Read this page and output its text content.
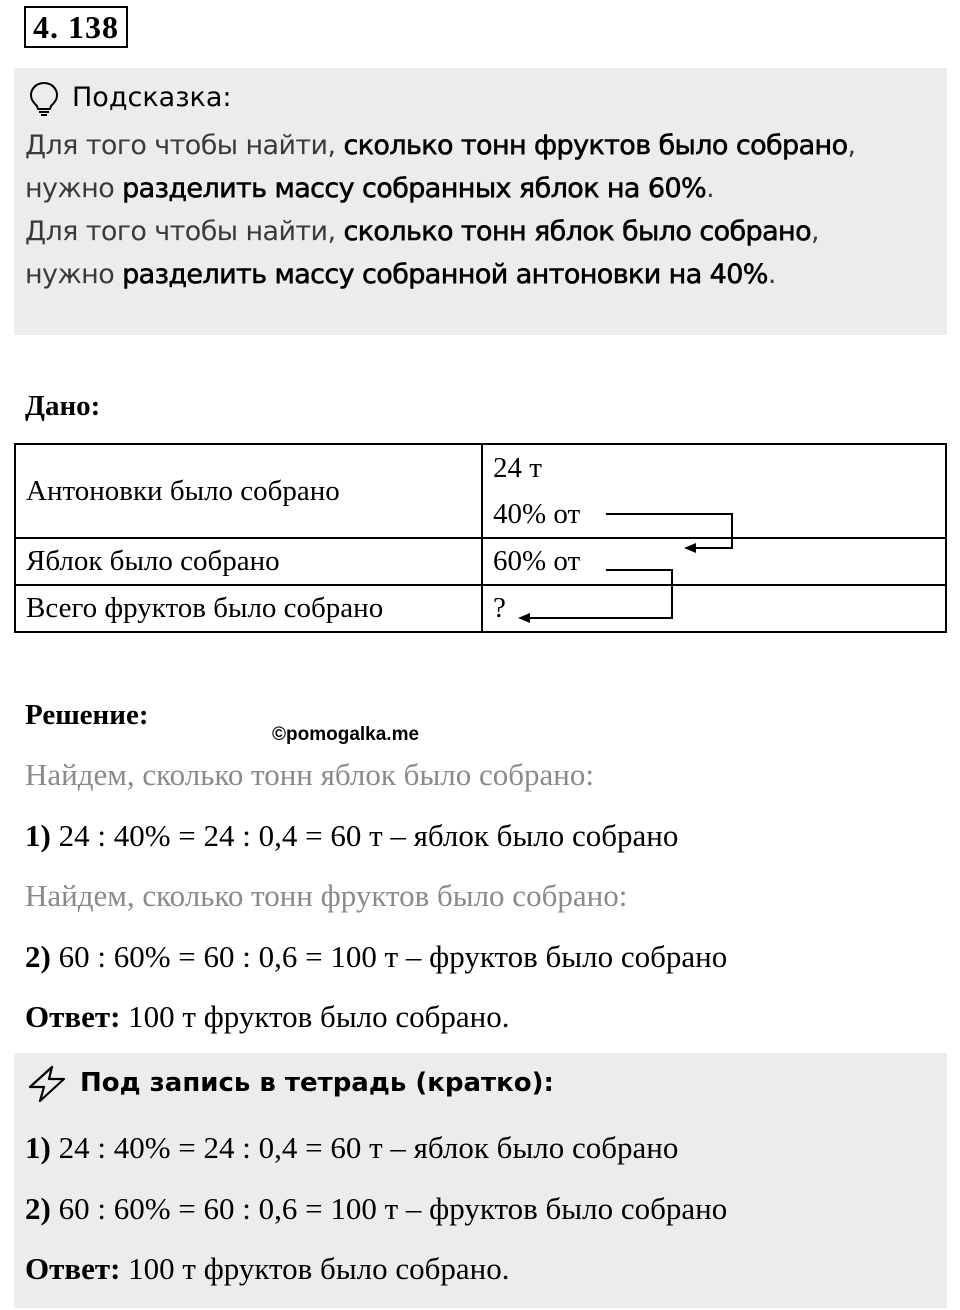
4. 138
Подсказка:
Для того чтобы найти, сколько тонн фруктов было собрано,
нужно разделить массу собранных яблок на 60%.
Для того чтобы найти, сколько тонн яблок было собрано,
нужно разделить массу собранной антоновки на 40%.
Дано:
Антоновки было собрано	24 т
40% от

Яблок было собрано	60% от
Всего фруктов было собрано	?
Решение:
©pomogalka.me
Найдем, сколько тонн яблок было собрано:
1) 24 : 40% = 24 : 0,4 = 60 т – яблок было собрано
Найдем, сколько тонн фруктов было собрано:
2) 60 : 60% = 60 : 0,6 = 100 т – фруктов было собрано
Ответ: 100 т фруктов было собрано.
Под запись в тетрадь (кратко):
1) 24 : 40% = 24 : 0,4 = 60 т – яблок было собрано
2) 60 : 60% = 60 : 0,6 = 100 т – фруктов было собрано
Ответ: 100 т фруктов было собрано.
